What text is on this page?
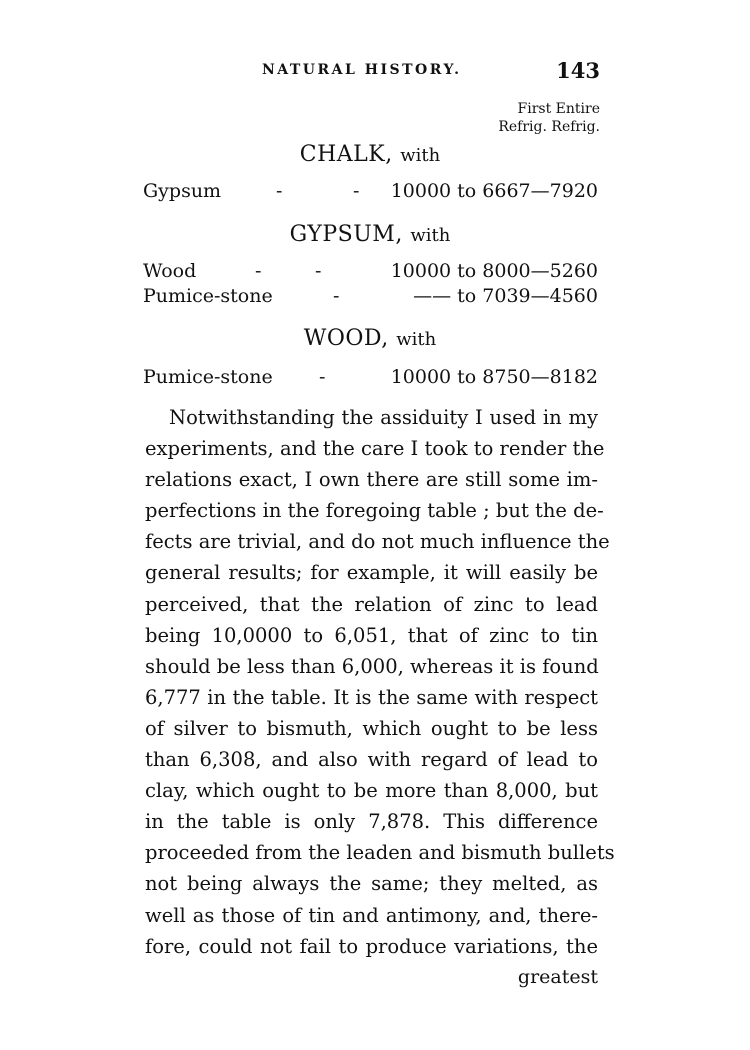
NATURAL HISTORY.	143
First Entire
Refrig. Refrig.
CHALK, with
Gypsum	-	- 10000 to 6667—7920
GYPSUM, with
Wood	-	-	10000 to 8000—5260
Pumice-stone	-	—— to 7039—4560
WOOD, with
Pumice-stone -	10000 to 8750—8182
Notwithstanding the assiduity I used in my
experiments, and the care I took to render the
relations exact, I own there are still some im-
perfections in the foregoing table ; but the de-
fects are trivial, and do not much influence the
general results; for example, it will easily be
perceived, that the relation of zinc to lead
being 10,0000 to 6,051, that of zinc to tin
should be less than 6,000, whereas it is found
6,777 in the table. It is the same with respect
of silver to bismuth, which ought to be less
than 6,308, and also with regard of lead to
clay, which ought to be more than 8,000, but
in the table is only 7,878. This difference
proceeded from the leaden and bismuth bullets
not being always the same; they melted, as
well as those of tin and antimony, and, there-
fore, could not fail to produce variations, the
greatest
